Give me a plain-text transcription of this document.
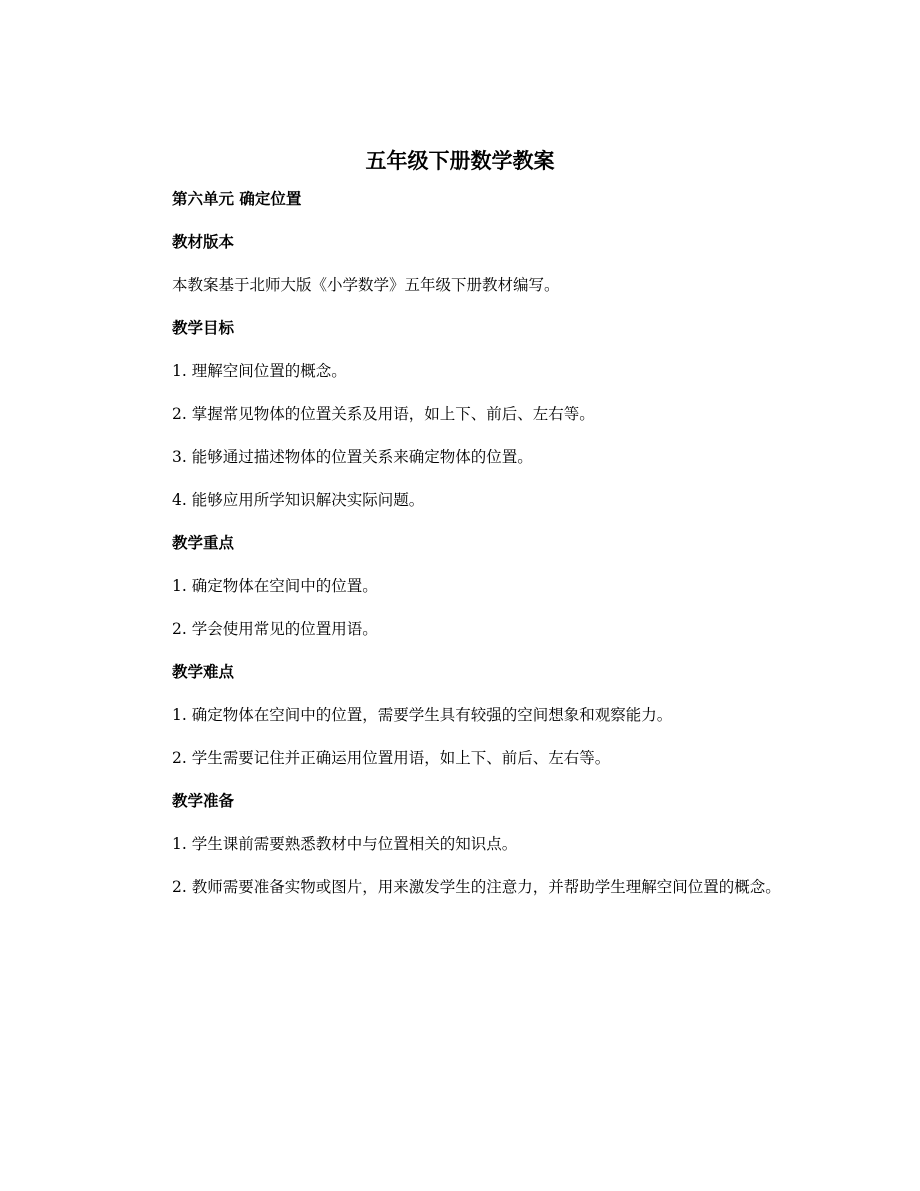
五年级下册数学教案
第六单元 确定位置
教材版本
本教案基于北师大版《小学数学》五年级下册教材编写。
教学目标
1. 理解空间位置的概念。
2. 掌握常见物体的位置关系及用语，如上下、前后、左右等。
3. 能够通过描述物体的位置关系来确定物体的位置。
4. 能够应用所学知识解决实际问题。
教学重点
1. 确定物体在空间中的位置。
2. 学会使用常见的位置用语。
教学难点
1. 确定物体在空间中的位置，需要学生具有较强的空间想象和观察能力。
2. 学生需要记住并正确运用位置用语，如上下、前后、左右等。
教学准备
1. 学生课前需要熟悉教材中与位置相关的知识点。
2. 教师需要准备实物或图片，用来激发学生的注意力，并帮助学生理解空间位置的概念。
